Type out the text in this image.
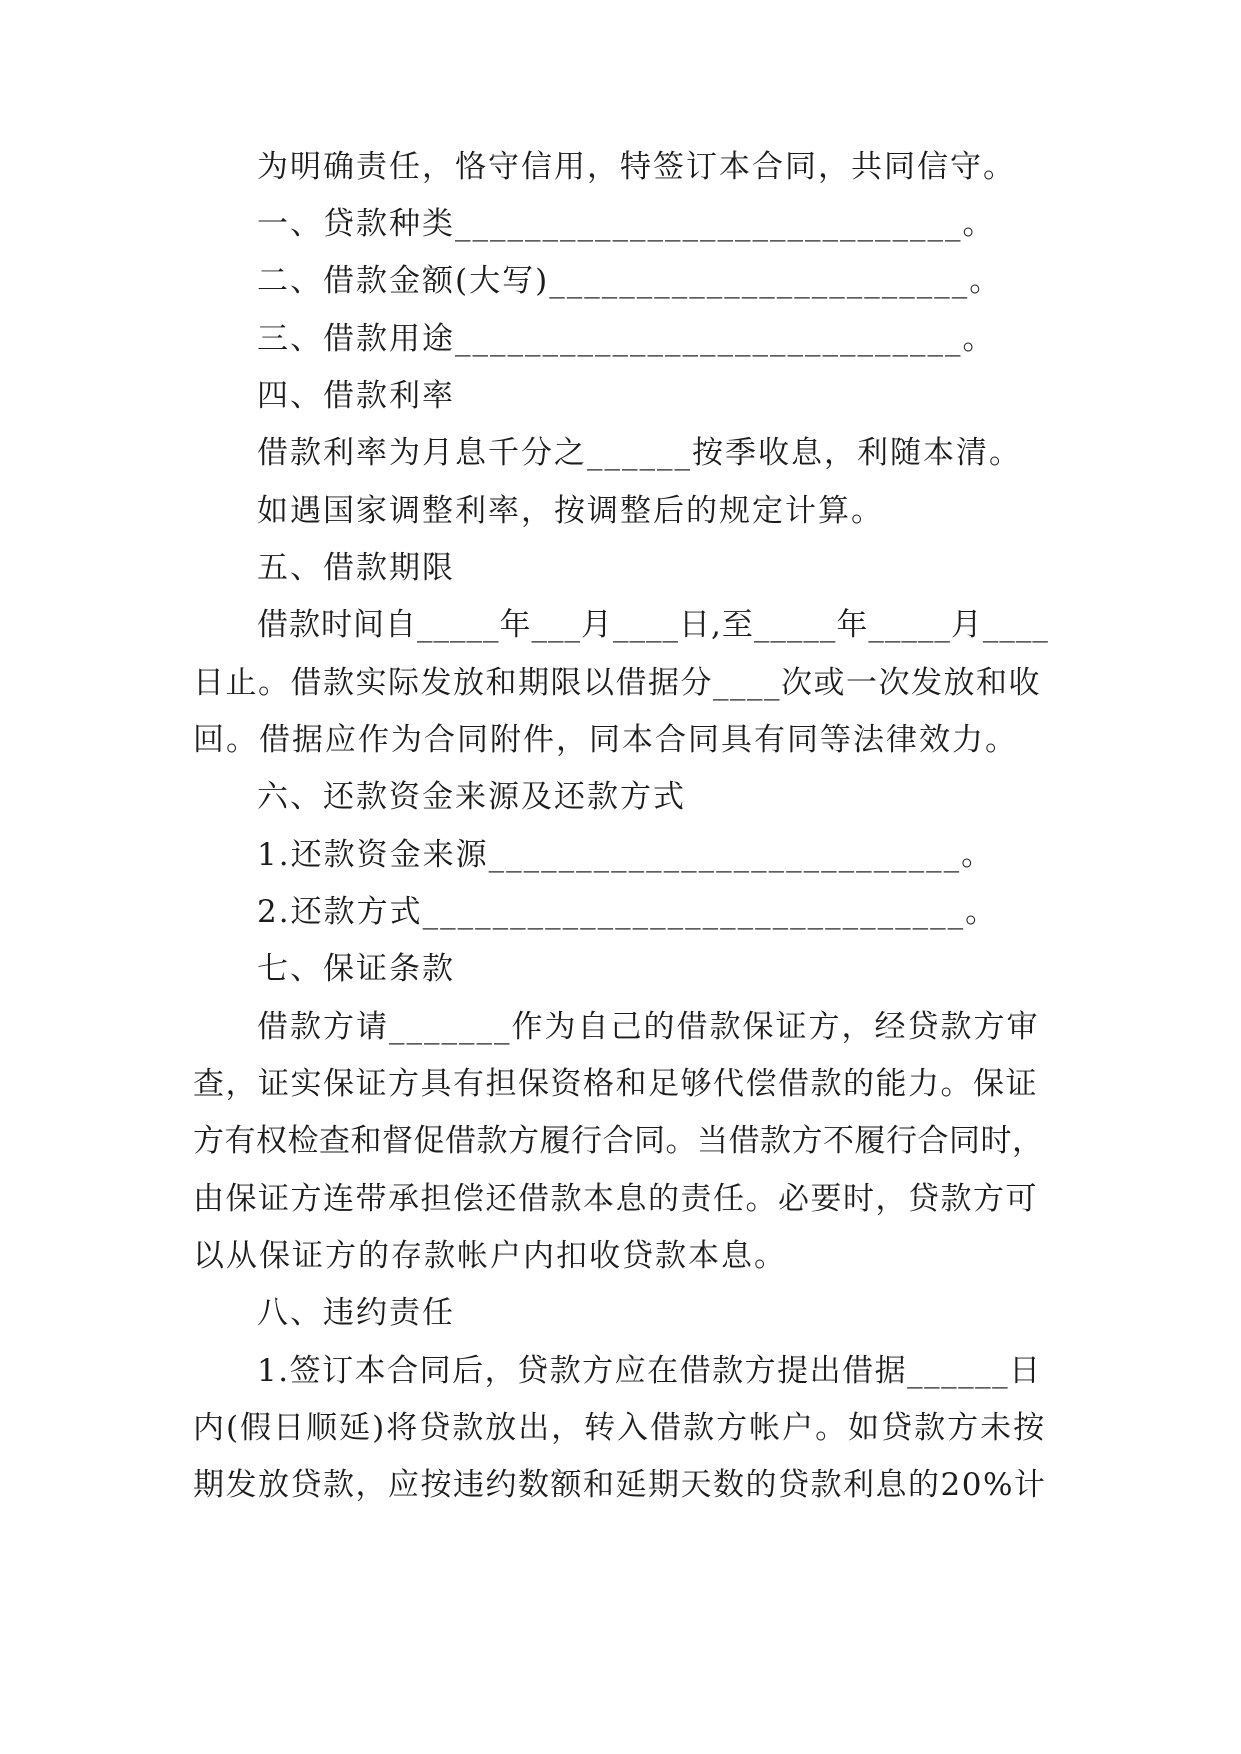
为明确责任，恪守信用，特签订本合同，共同信守。
一、贷款种类_____________________________。
二、借款金额(大写)________________________。
三、借款用途_____________________________。
四、借款利率
借款利率为月息千分之______按季收息，利随本清。
如遇国家调整利率，按调整后的规定计算。
五、借款期限
借款时间自_____年___月____日,至_____年_____月____
日止。借款实际发放和期限以借据分____次或一次发放和收
回。借据应作为合同附件，同本合同具有同等法律效力。
六、还款资金来源及还款方式
1.还款资金来源___________________________。
2.还款方式_______________________________。
七、保证条款
借款方请_______作为自己的借款保证方，经贷款方审
查，证实保证方具有担保资格和足够代偿借款的能力。保证
方有权检查和督促借款方履行合同。当借款方不履行合同时，
由保证方连带承担偿还借款本息的责任。必要时，贷款方可
以从保证方的存款帐户内扣收贷款本息。
八、违约责任
1.签订本合同后，贷款方应在借款方提出借据______日
内(假日顺延)将贷款放出，转入借款方帐户。如贷款方未按
期发放贷款，应按违约数额和延期天数的贷款利息的20%计
